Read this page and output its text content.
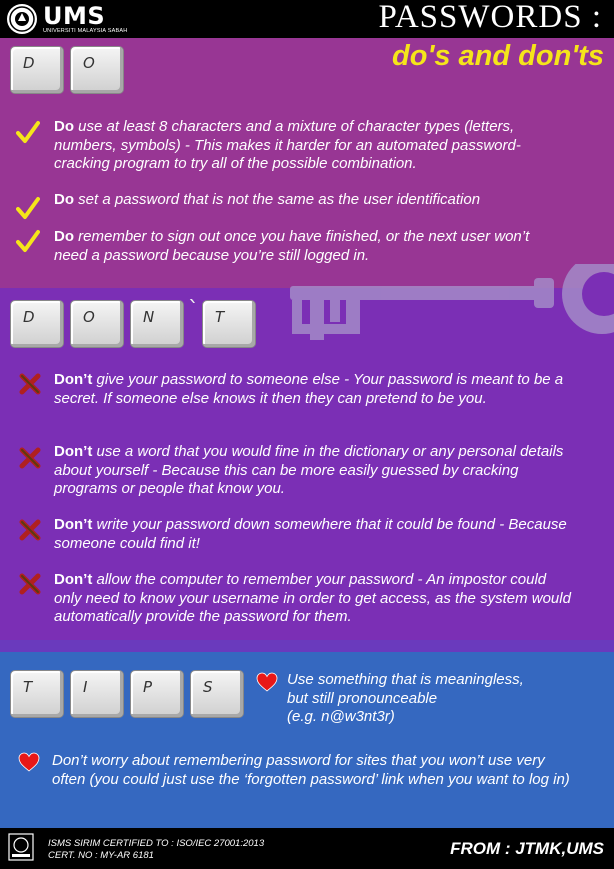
UMS
UNIVERSITI MALAYSIA SABAH	PASSWORDS :
do's and don'ts
D	O
Do use at least 8 characters and a mixture of character types (letters, numbers, symbols) - This makes it harder for an automated password-cracking program to try all of the possible combination.
Do set a password that is not the same as the user identification
Do remember to sign out once you have finished, or the next user won’t need a password because you’re still logged in.
D	O	N ` T
Don’t give your password to someone else - Your password is meant to be a secret. If someone else knows it then they can pretend to be you.
Don’t use a word that you would fine in the dictionary or any personal details about yourself - Because this can be more easily guessed by cracking programs or people that know you.
Don’t write your password down somewhere that it could be found - Because someone could find it!
Don’t allow the computer to remember your password - An impostor could only need to know your username in order to get access, as the system would automatically provide the password for them.
T	I	P	S	Use something that is meaningless,
but still pronounceable
(e.g. n@w3nt3r)
Don’t worry about remembering password for sites that you won’t use very often (you could just use the ‘forgotten password’ link when you want to log in)
ISMS SIRIM CERTIFIED TO : ISO/IEC 27001:2013
CERT. NO : MY-AR 6181	FROM : JTMK,UMS
